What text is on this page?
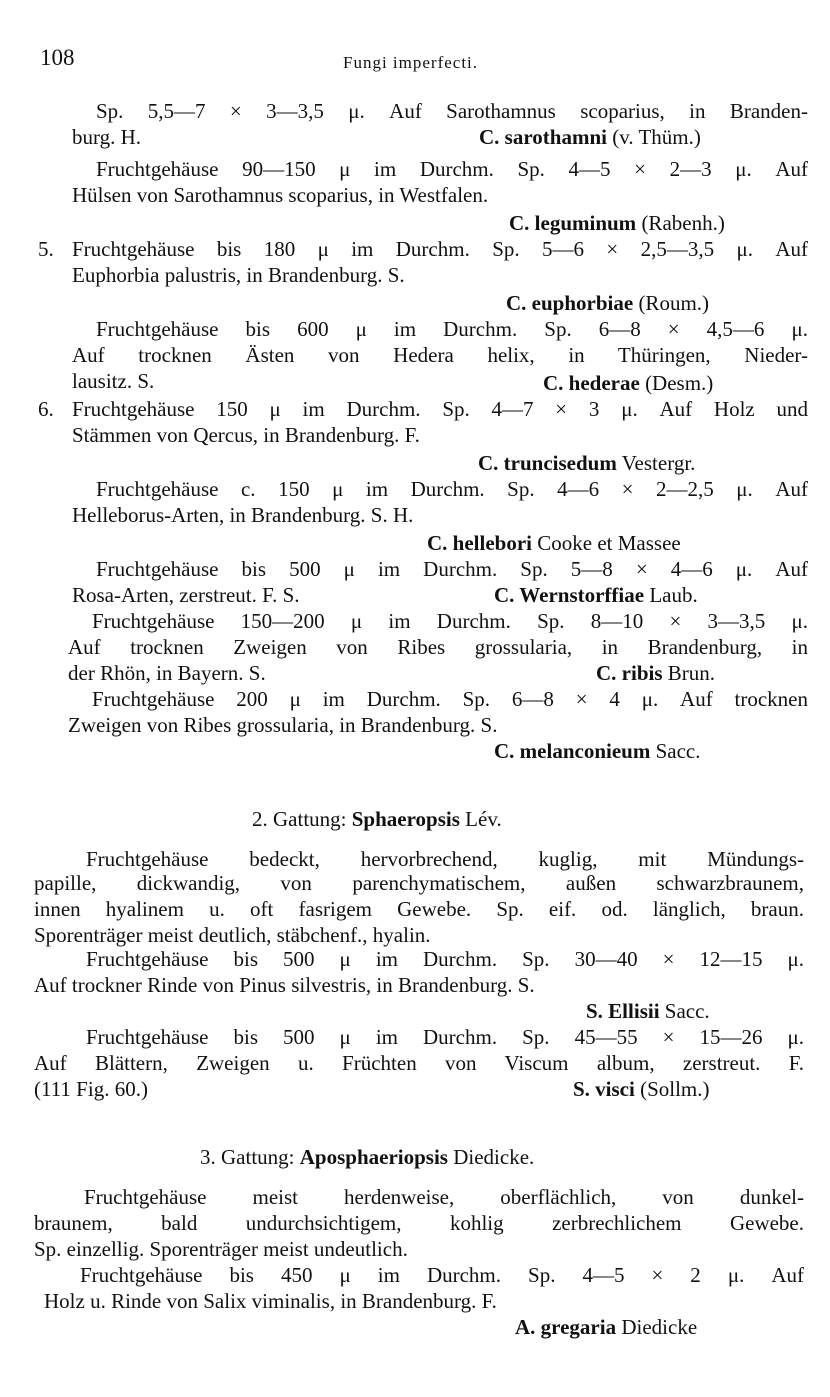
108	Fungi imperfecti.
Sp. 5,5—7 × 3—3,5 μ. Auf Sarothamnus scoparius, in Branden-
burg. H.	C. sarothamni (v. Thüm.)
Fruchtgehäuse 90—150 μ im Durchm. Sp. 4—5 × 2—3 μ. Auf
Hülsen von Sarothamnus scoparius, in Westfalen.
C. leguminum (Rabenh.)
5. Fruchtgehäuse bis 180 μ im Durchm. Sp. 5—6 × 2,5—3,5 μ. Auf
Euphorbia palustris, in Brandenburg. S.
C. euphorbiae (Roum.)
Fruchtgehäuse bis 600 μ im Durchm. Sp. 6—8 × 4,5—6 μ.
Auf trocknen Ästen von Hedera helix, in Thüringen, Nieder-
lausitz. S.	C. hederae (Desm.)
6. Fruchtgehäuse 150 μ im Durchm. Sp. 4—7 × 3 μ. Auf Holz und
Stämmen von Qercus, in Brandenburg. F.
C. truncisedum Vestergr.
Fruchtgehäuse c. 150 μ im Durchm. Sp. 4—6 × 2—2,5 μ. Auf
Helleborus-Arten, in Brandenburg. S. H.
C. hellebori Cooke et Massee
Fruchtgehäuse bis 500 μ im Durchm. Sp. 5—8 × 4—6 μ. Auf
Rosa-Arten, zerstreut. F. S.	C. Wernstorffiae Laub.
Fruchtgehäuse 150—200 μ im Durchm. Sp. 8—10 × 3—3,5 μ.
Auf trocknen Zweigen von Ribes grossularia, in Brandenburg, in
der Rhön, in Bayern. S.	C. ribis Brun.
Fruchtgehäuse 200 μ im Durchm. Sp. 6—8 × 4 μ. Auf trocknen
Zweigen von Ribes grossularia, in Brandenburg. S.
C. melanconieum Sacc.
2. Gattung: Sphaeropsis Lév.
Fruchtgehäuse bedeckt, hervorbrechend, kuglig, mit Mündungs-
papille, dickwandig, von parenchymatischem, außen schwarzbraunem,
innen hyalinem u. oft fasrigem Gewebe. Sp. eif. od. länglich, braun.
Sporenträger meist deutlich, stäbchenf., hyalin.
Fruchtgehäuse bis 500 μ im Durchm. Sp. 30—40 × 12—15 μ.
Auf trockner Rinde von Pinus silvestris, in Brandenburg. S.
S. Ellisii Sacc.
Fruchtgehäuse bis 500 μ im Durchm. Sp. 45—55 × 15—26 μ.
Auf Blättern, Zweigen u. Früchten von Viscum album, zerstreut. F.
(111 Fig. 60.)	S. visci (Sollm.)
3. Gattung: Aposphaeriopsis Diedicke.
Fruchtgehäuse meist herdenweise, oberflächlich, von dunkel-
braunem, bald undurchsichtigem, kohlig zerbrechlichem Gewebe.
Sp. einzellig. Sporenträger meist undeutlich.
Fruchtgehäuse bis 450 μ im Durchm. Sp. 4—5 × 2 μ. Auf
Holz u. Rinde von Salix viminalis, in Brandenburg. F.
A. gregaria Diedicke
